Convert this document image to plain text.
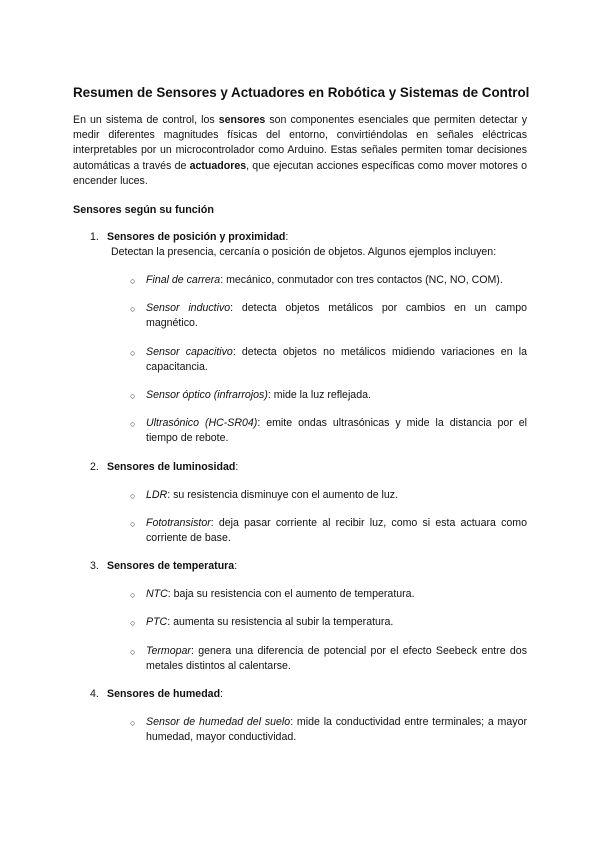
Resumen de Sensores y Actuadores en Robótica y Sistemas de Control

En un sistema de control, los sensores son componentes esenciales que permiten detectar y medir diferentes magnitudes físicas del entorno, convirtiéndolas en señales eléctricas interpretables por un microcontrolador como Arduino. Estas señales permiten tomar decisiones automáticas a través de actuadores, que ejecutan acciones específicas como mover motores o encender luces.

Sensores según su función
1. Sensores de posición y proximidad:
Detectan la presencia, cercanía o posición de objetos. Algunos ejemplos incluyen:
○ Final de carrera: mecánico, conmutador con tres contactos (NC, NO, COM).
○ Sensor inductivo: detecta objetos metálicos por cambios en un campo magnético.
○ Sensor capacitivo: detecta objetos no metálicos midiendo variaciones en la capacitancia.
○ Sensor óptico (infrarrojos): mide la luz reflejada.
○ Ultrasónico (HC-SR04): emite ondas ultrasónicas y mide la distancia por el tiempo de rebote.
2. Sensores de luminosidad:
○ LDR: su resistencia disminuye con el aumento de luz.
○ Fototransistor: deja pasar corriente al recibir luz, como si esta actuara como corriente de base.
3. Sensores de temperatura:
○ NTC: baja su resistencia con el aumento de temperatura.
○ PTC: aumenta su resistencia al subir la temperatura.
○ Termopar: genera una diferencia de potencial por el efecto Seebeck entre dos metales distintos al calentarse.
4. Sensores de humedad:
○ Sensor de humedad del suelo: mide la conductividad entre terminales; a mayor humedad, mayor conductividad.
